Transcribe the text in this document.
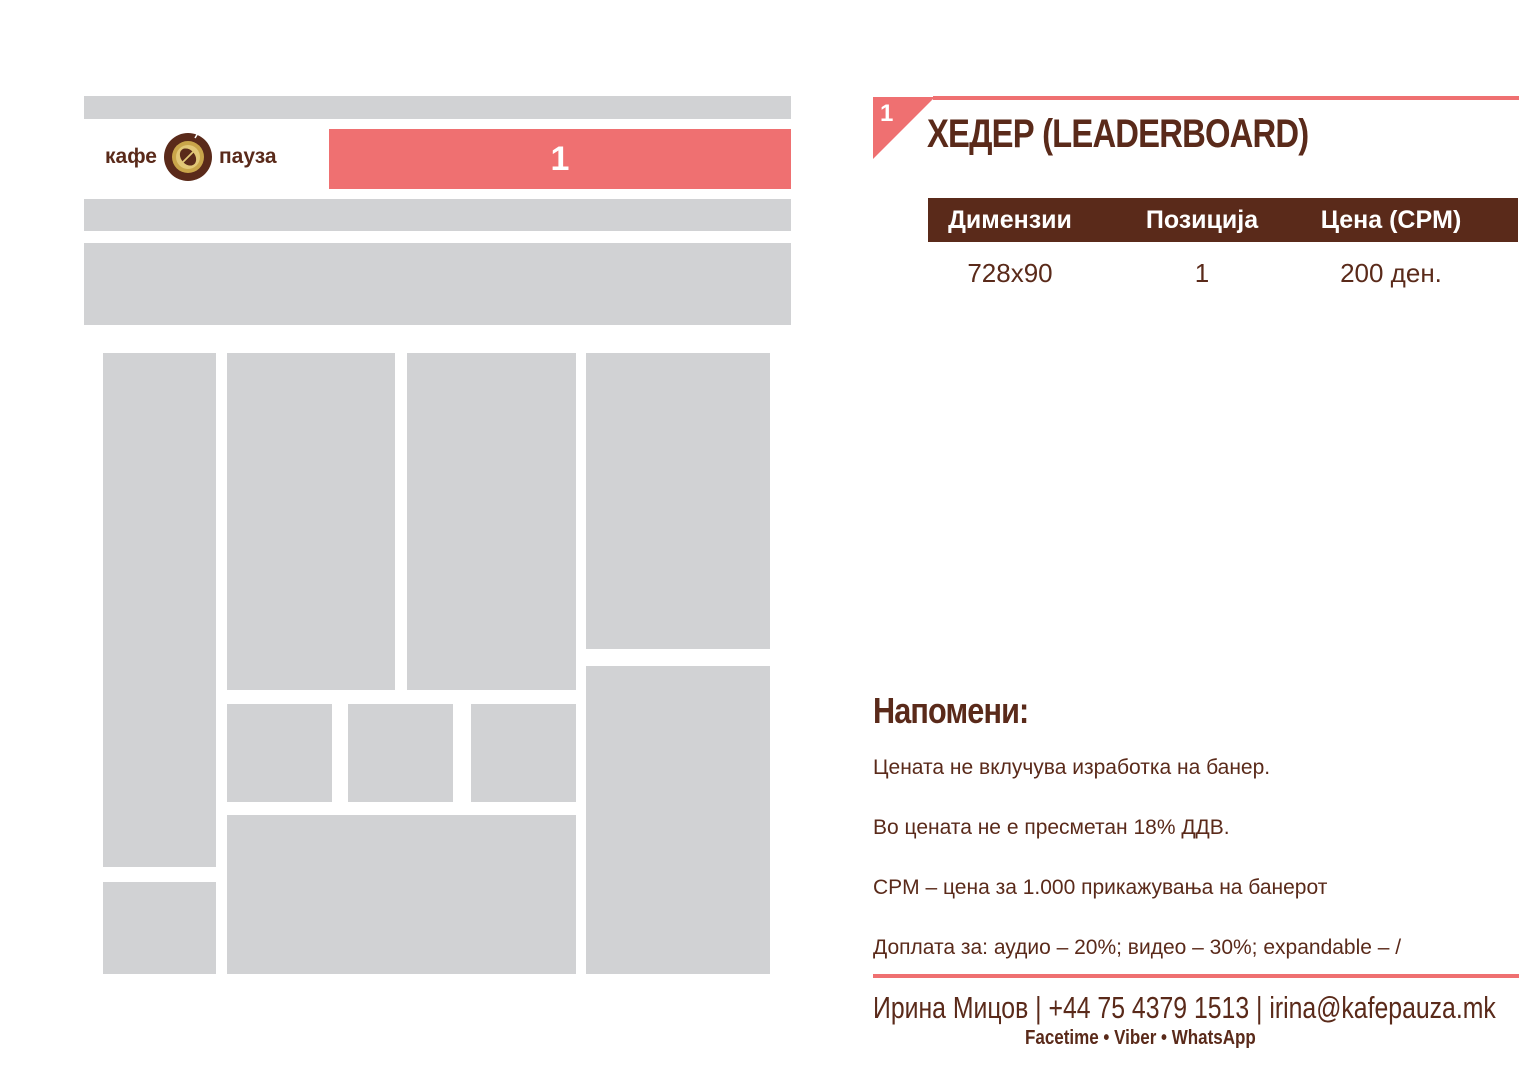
кафе	пауза	1
1 ХЕДЕР (LEADERBOARD)
Димензии	Позиција	Цена (CPM)
728x90	1	200 ден.
Напомени:
Цената не вклучува изработка на банер.
Во цената не е пресметан 18% ДДВ.
CPM – цена за 1.000 прикажувања на банерот
Доплата за: аудио – 20%; видео – 30%; expandable – /
Ирина Мицов | +44 75 4379 1513 | irina@kafepauza.mk
Facetime • Viber • WhatsApp
